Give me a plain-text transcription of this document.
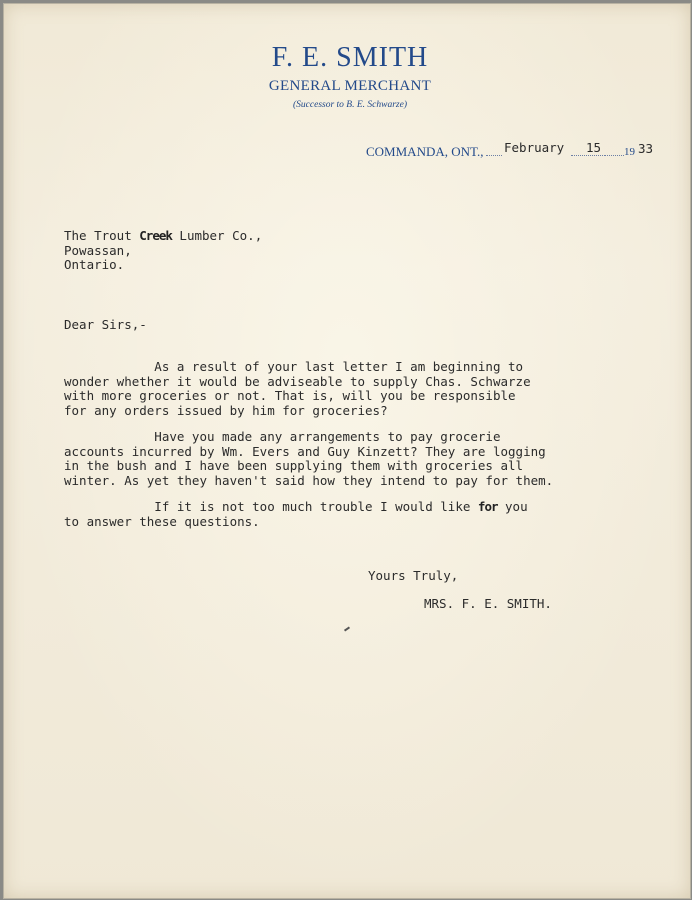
F. E. SMITH
GENERAL MERCHANT
(Successor to B. E. Schwarze)
COMMANDA, ONT.,	19
February 15	33
The Trout Creek Lumber Co.,
Powassan,
Ontario.
Dear Sirs,-
As a result of your last letter I am beginning to
wonder whether it would be adviseable to supply Chas. Schwarze
with more groceries or not. That is, will you be responsible
for any orders issued by him for groceries?
Have you made any arrangements to pay grocerie
accounts incurred by Wm. Evers and Guy Kinzett? They are logging
in the bush and I have been supplying them with groceries all
winter. As yet they haven't said how they intend to pay for them.
If it is not too much trouble I would like for you
to answer these questions.
Yours Truly,
MRS. F. E. SMITH.
